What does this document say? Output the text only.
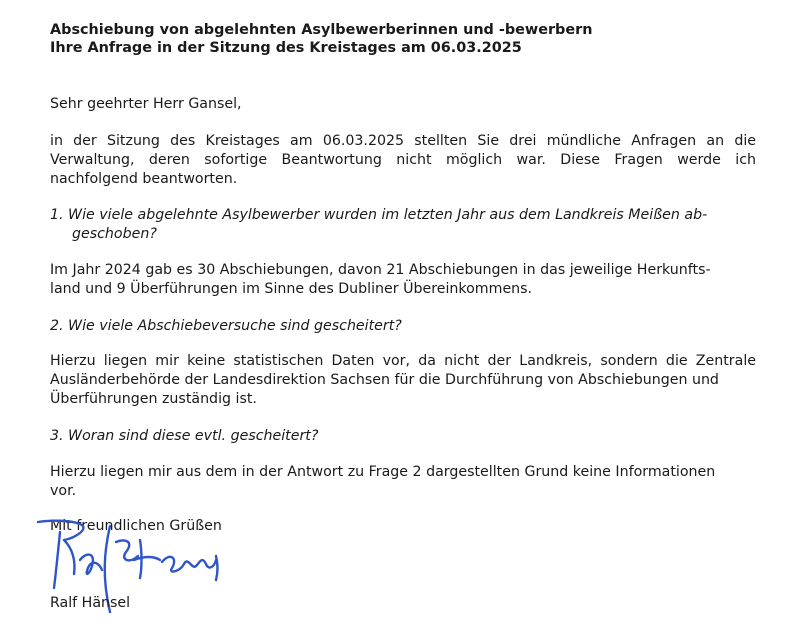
Abschiebung von abgelehnten Asylbewerberinnen und -bewerbern
Ihre Anfrage in der Sitzung des Kreistages am 06.03.2025
Sehr geehrter Herr Gansel,
in der Sitzung des Kreistages am 06.03.2025 stellten Sie drei mündliche Anfragen an die
Verwaltung, deren sofortige Beantwortung nicht möglich war. Diese Fragen werde ich
nachfolgend beantworten.
1. Wie viele abgelehnte Asylbewerber wurden im letzten Jahr aus dem Landkreis Meißen ab-
geschoben?
Im Jahr 2024 gab es 30 Abschiebungen, davon 21 Abschiebungen in das jeweilige Herkunfts-
land und 9 Überführungen im Sinne des Dubliner Übereinkommens.
2. Wie viele Abschiebeversuche sind gescheitert?
Hierzu liegen mir keine statistischen Daten vor, da nicht der Landkreis, sondern die Zentrale
Ausländerbehörde der Landesdirektion Sachsen für die Durchführung von Abschiebungen und
Überführungen zuständig ist.
3. Woran sind diese evtl. gescheitert?
Hierzu liegen mir aus dem in der Antwort zu Frage 2 dargestellten Grund keine Informationen
vor.
Mit freundlichen Grüßen
Ralf Hänsel
